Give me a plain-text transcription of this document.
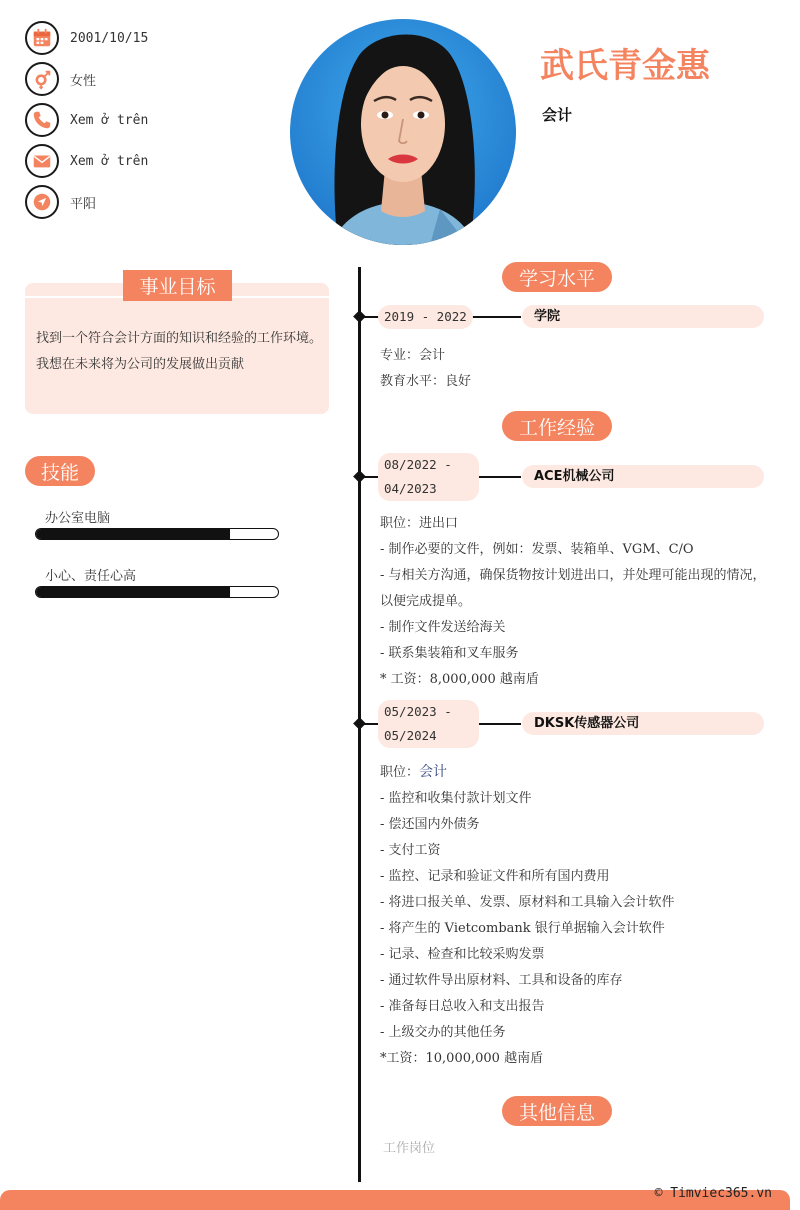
2001/10/15
女性
Xem ở trên
Xem ở trên
平阳
武氏青金惠
会计
事业目标
找到一个符合会计方面的知识和经验的工作环境。我想在未来将为公司的发展做出贡献
技能
办公室电脑
小心、责任心高
学习水平
2019 - 2022	学院
专业：会计
教育水平：良好
工作经验
08/2022 -
04/2023
ACE机械公司
职位：进出口
- 制作必要的文件，例如：发票、装箱单、VGM、C/O
- 与相关方沟通，确保货物按计划进出口，并处理可能出现的情况，以便完成提单。
- 制作文件发送给海关
- 联系集装箱和叉车服务
* 工资：8,000,000 越南盾
05/2023 -
05/2024
DKSK传感器公司
职位：会计
- 监控和收集付款计划文件
- 偿还国内外债务
- 支付工资
- 监控、记录和验证文件和所有国内费用
- 将进口报关单、发票、原材料和工具输入会计软件
- 将产生的 Vietcombank 银行单据输入会计软件
- 记录、检查和比较采购发票
- 通过软件导出原材料、工具和设备的库存
- 准备每日总收入和支出报告
- 上级交办的其他任务
*工资：10,000,000 越南盾
其他信息
工作岗位
© Timviec365.vn
